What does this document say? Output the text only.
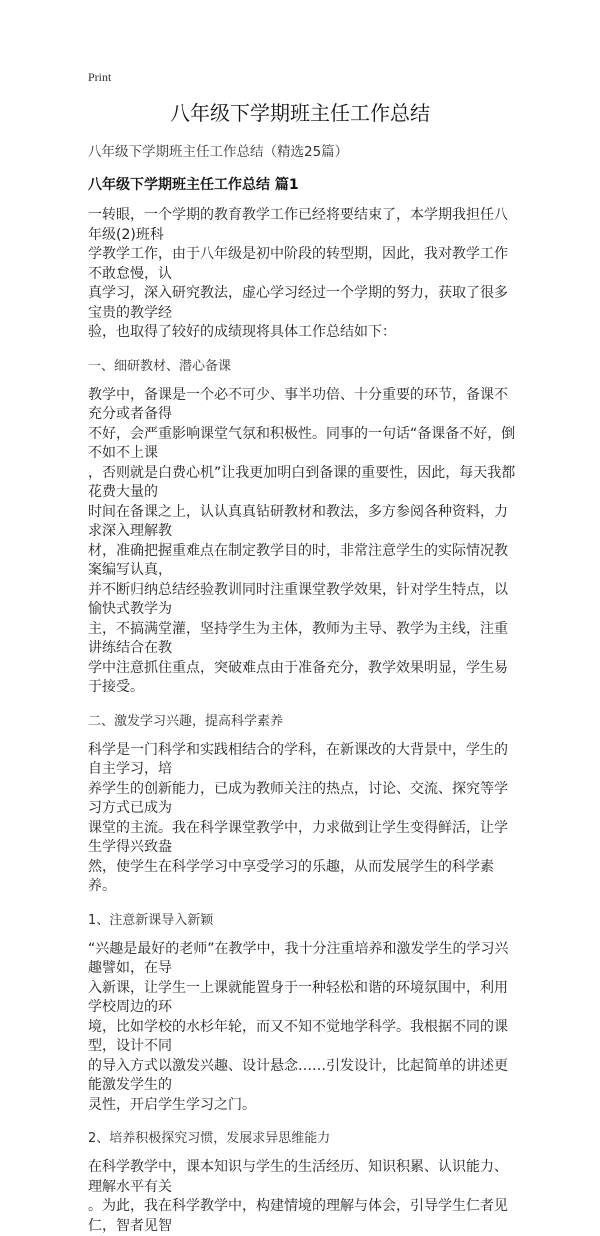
Print
八年级下学期班主任工作总结
八年级下学期班主任工作总结（精选25篇）
八年级下学期班主任工作总结 篇1
一转眼，一个学期的教育教学工作已经将要结束了，本学期我担任八年级(2)班科
学教学工作，由于八年级是初中阶段的转型期，因此，我对教学工作不敢怠慢，认
真学习，深入研究教法，虚心学习经过一个学期的努力，获取了很多宝贵的教学经
验，也取得了较好的成绩现将具体工作总结如下：
一、细研教材、潜心备课
教学中，备课是一个必不可少、事半功倍、十分重要的环节，备课不充分或者备得
不好，会严重影响课堂气氛和积极性。同事的一句话“备课备不好，倒不如不上课
，否则就是白费心机”让我更加明白到备课的重要性，因此，每天我都花费大量的
时间在备课之上，认认真真钻研教材和教法，多方参阅各种资料，力求深入理解教
材，准确把握重难点在制定教学目的时，非常注意学生的实际情况教案编写认真，
并不断归纳总结经验教训同时注重课堂教学效果，针对学生特点，以愉快式教学为
主，不搞满堂灌，坚持学生为主体，教师为主导、教学为主线，注重讲练结合在教
学中注意抓住重点，突破难点由于准备充分，教学效果明显，学生易于接受。
二、激发学习兴趣，提高科学素养
科学是一门科学和实践相结合的学科，在新课改的大背景中，学生的自主学习，培
养学生的创新能力，已成为教师关注的热点，讨论、交流、探究等学习方式已成为
课堂的主流。我在科学课堂教学中，力求做到让学生变得鲜活，让学生学得兴致盎
然，使学生在科学学习中享受学习的乐趣，从而发展学生的科学素养。
1、注意新课导入新颖
“兴趣是最好的老师”在教学中，我十分注重培养和激发学生的学习兴趣譬如，在导
入新课，让学生一上课就能置身于一种轻松和谐的环境氛围中，利用学校周边的环
境，比如学校的水杉年轮，而又不知不觉地学科学。我根据不同的课型，设计不同
的导入方式以激发兴趣、设计悬念……引发设计，比起简单的讲述更能激发学生的
灵性，开启学生学习之门。
2、培养积极探究习惯，发展求异思维能力
在科学教学中，课本知识与学生的生活经历、知识积累、认识能力、理解水平有关
。为此，我在科学教学中，构建情境的理解与体会，引导学生仁者见仁，智者见智
